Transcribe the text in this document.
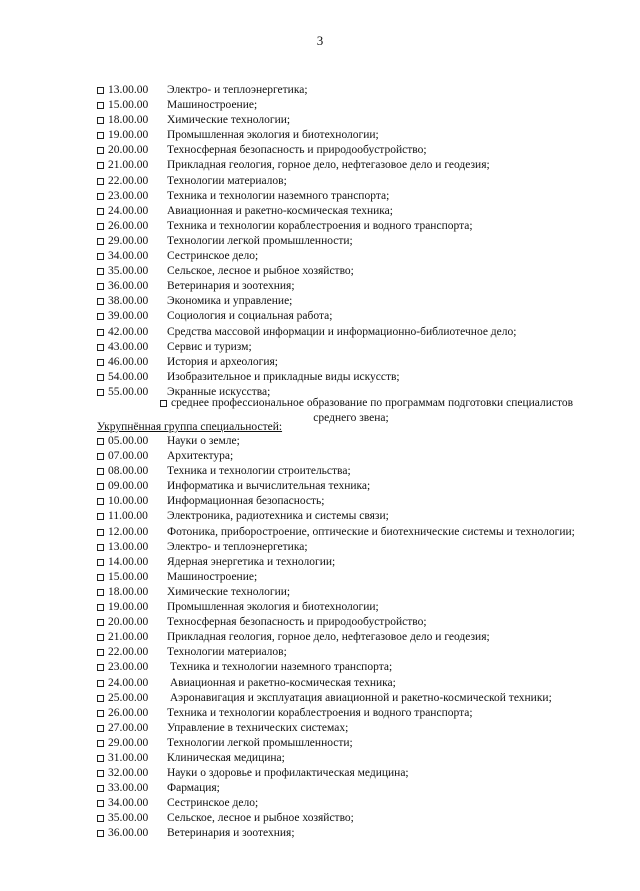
3
13.00.00 Электро- и теплоэнергетика;
15.00.00 Машиностроение;
18.00.00 Химические технологии;
19.00.00 Промышленная экология и биотехнологии;
20.00.00 Техносферная безопасность и природообустройство;
21.00.00 Прикладная геология, горное дело, нефтегазовое дело и геодезия;
22.00.00 Технологии материалов;
23.00.00 Техника и технологии наземного транспорта;
24.00.00 Авиационная и ракетно-космическая техника;
26.00.00 Техника и технологии кораблестроения и водного транспорта;
29.00.00 Технологии легкой промышленности;
34.00.00 Сестринское дело;
35.00.00 Сельское, лесное и рыбное хозяйство;
36.00.00 Ветеринария и зоотехния;
38.00.00 Экономика и управление;
39.00.00 Социология и социальная работа;
42.00.00 Средства массовой информации и информационно-библиотечное дело;
43.00.00 Сервис и туризм;
46.00.00 История и археология;
54.00.00 Изобразительное и прикладные виды искусств;
55.00.00 Экранные искусства;
среднее профессиональное образование по программам подготовки специалистов
среднего звена;
Укрупнённая группа специальностей:
05.00.00 Науки о земле;
07.00.00 Архитектура;
08.00.00 Техника и технологии строительства;
09.00.00 Информатика и вычислительная техника;
10.00.00 Информационная безопасность;
11.00.00 Электроника, радиотехника и системы связи;
12.00.00 Фотоника, приборостроение, оптические и биотехнические системы и технологии;
13.00.00 Электро- и теплоэнергетика;
14.00.00 Ядерная энергетика и технологии;
15.00.00 Машиностроение;
18.00.00 Химические технологии;
19.00.00 Промышленная экология и биотехнологии;
20.00.00 Техносферная безопасность и природообустройство;
21.00.00 Прикладная геология, горное дело, нефтегазовое дело и геодезия;
22.00.00 Технологии материалов;
23.00.00 Техника и технологии наземного транспорта;
24.00.00 Авиационная и ракетно-космическая техника;
25.00.00 Аэронавигация и эксплуатация авиационной и ракетно-космической техники;
26.00.00 Техника и технологии кораблестроения и водного транспорта;
27.00.00 Управление в технических системах;
29.00.00 Технологии легкой промышленности;
31.00.00 Клиническая медицина;
32.00.00 Науки о здоровье и профилактическая медицина;
33.00.00 Фармация;
34.00.00 Сестринское дело;
35.00.00 Сельское, лесное и рыбное хозяйство;
36.00.00 Ветеринария и зоотехния;
